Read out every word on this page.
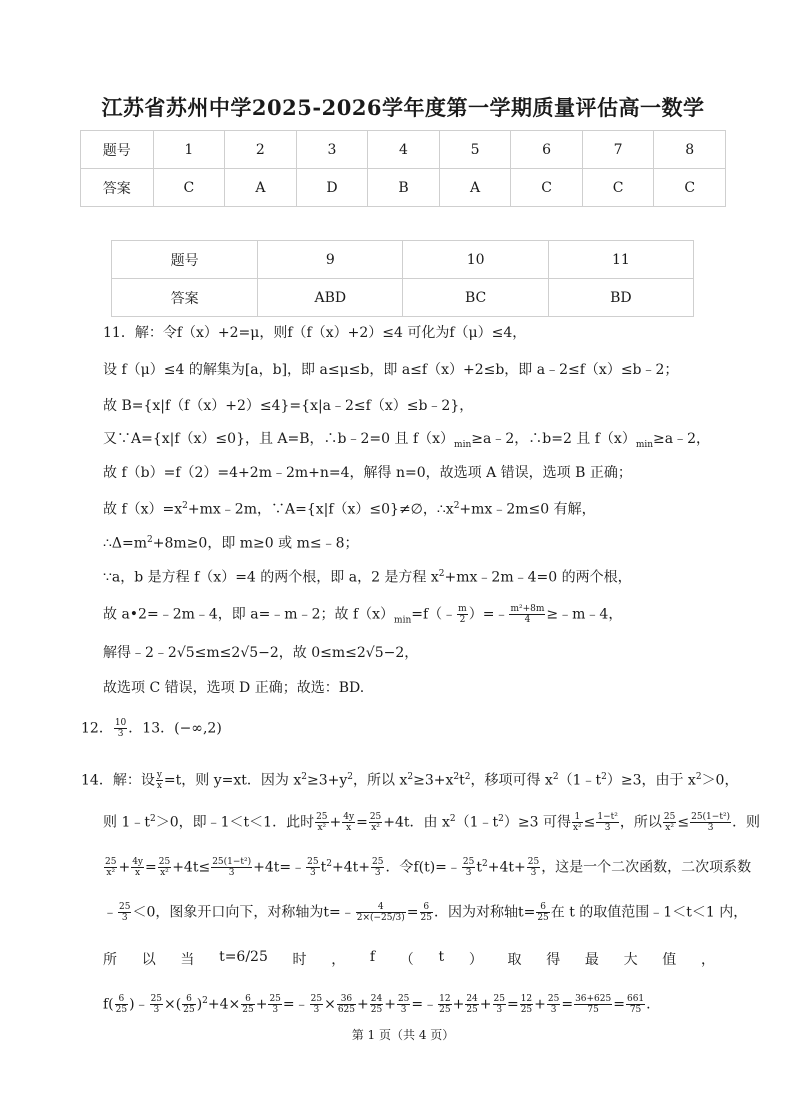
江苏省苏州中学2025-2026学年度第一学期质量评估高一数学
题号	1	2	3	4	5	6	7	8
答案	C	A	D	B	A	C	C	C
题号	9	10	11
答案	ABD	BC	BD
11．解：令f（x）+2=μ，则f（f（x）+2）≤4 可化为f（μ）≤4，
设 f（μ）≤4 的解集为[a，b]，即 a≤μ≤b，即 a≤f（x）+2≤b，即 a﹣2≤f（x）≤b﹣2；
故 B={x|f（f（x）+2）≤4}={x|a﹣2≤f（x）≤b﹣2}，
又∵A={x|f（x）≤0}，且 A=B，∴b﹣2=0 且 $f(x)_{min}\ge a﹣2$，∴b=2 且 $f(x)_{min}\ge a﹣2$，
故 f（b）=f（2）=4+2m﹣2m+n=4，解得 n=0，故选项 A 错误，选项 B 正确；
故 $f(x)=x^2+mx﹣2m$，∵A={x|f（x）≤0}≠∅，$\therefore x^2+mx﹣2m\le 0$ 有解，
$\therefore\Delta=m^2+8m\ge 0$，即 m≥0 或 m≤﹣8；
∵a，b 是方程 f（x）=4 的两个根，即 a，2 是方程 $x^2+mx﹣2m﹣4=0$ 的两个根，
故 a•2=﹣2m﹣4，即 a=﹣m﹣2；故 $f(x)_{min}=f(﹣ \frac{m}{2}$ ）=﹣ $\frac{\text{m²+8m}}{4}$ ≥﹣m﹣4，
解得﹣2﹣2√5≤m≤2√5−2，故 0≤m≤2√5−2，
故选项 C 错误，选项 D 正确；故选：BD.
12． $\frac{10}{3}$ ．13．(−∞,2)
14．解：设 $\frac{y}{x} =t$，则 y=xt．因为 $x^2\ge 3+y^2$，所以 $x^2\ge 3+x^2t^2$，移项可得 $x^2(1﹣t^2)\ge 3$，由于 $x^2>0$，
则 $1﹣t^2>0$，即﹣1＜t＜1．此时 $\frac{25}{\text{x²}} + \frac{4y}{x} = \frac{25}{\text{x²}} +4t$．由 $x^2(1﹣t^2)\ge 3$ 可得 $\frac{1}{\text{x²}} \le \frac{\text{1−t²}}{3}$ ，所以 $\frac{25}{\text{x²}} \le \frac{\text{25(1−t²)}}{3}$ ．则
$\frac{25}{\text{x²}} + \frac{4y}{x} = \frac{25}{\text{x²}} +4t\le \frac{\text{25(1−t²)}}{3}$ +4t=﹣ $\frac{25}{3} t^2+4t+ \frac{25}{3}$ ．令f(t)=﹣ $\frac{25}{3} t^2+4t+ \frac{25}{3}$ ，这是一个二次函数，二次项系数
﹣ $\frac{25}{3} <0$，图象开口向下，对称轴为t=﹣ $\frac{4}{2\times(-25/3)} = \frac{6}{25}$ ．因为对称轴$t= \frac{6}{25}$ 在 t 的取值范围﹣1＜t＜1 内，
所 以 当 t=6/25 时 ， f （ t ） 取 得 最 大 值 ，
$f( \frac{6}{25}$ )﹣ $\frac{25}{3}$ ×( $\frac{6}{25} )^2+4\times \frac{6}{25} + \frac{25}{3}$ =﹣ $\frac{25}{3} \times \frac{36}{625} + \frac{24}{25} + \frac{25}{3}$ =﹣ $\frac{12}{25} + \frac{24}{25} + \frac{25}{3} = \frac{12}{25} + \frac{25}{3} = \frac{36+625}{75} = \frac{661}{75}$ .
第 1 页（共 4 页）
